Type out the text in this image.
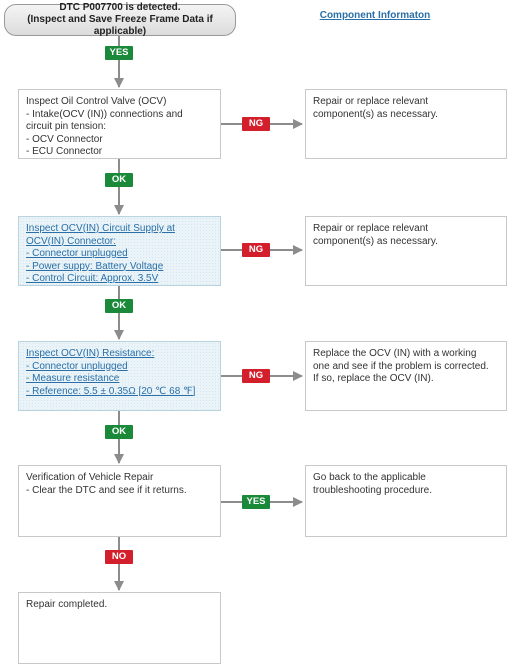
DTC P007700 is detected.
(Inspect and Save Freeze Frame Data if applicable)
Component Informaton
YES
OK
OK
OK
NO
Inspect Oil Control Valve (OCV)
- Intake(OCV (IN)) connections and
circuit pin tension:
- OCV Connector
- ECU Connector
NG
Repair or replace relevant
component(s) as necessary.
Inspect OCV(IN) Circuit Supply at
OCV(IN) Connector:
- Connector unplugged
- Power suppy: Battery Voltage
- Control Circuit: Approx. 3.5V
NG
Repair or replace relevant
component(s) as necessary.
Inspect OCV(IN) Resistance:
- Connector unplugged
- Measure resistance
- Reference: 5.5 ± 0.35Ω [20 ℃ 68 ℉]
NG
Replace the OCV (IN) with a working
one and see if the problem is corrected.
If so, replace the OCV (IN).
Verification of Vehicle Repair
- Clear the DTC and see if it returns.
YES
Go back to the applicable
troubleshooting procedure.
Repair completed.
